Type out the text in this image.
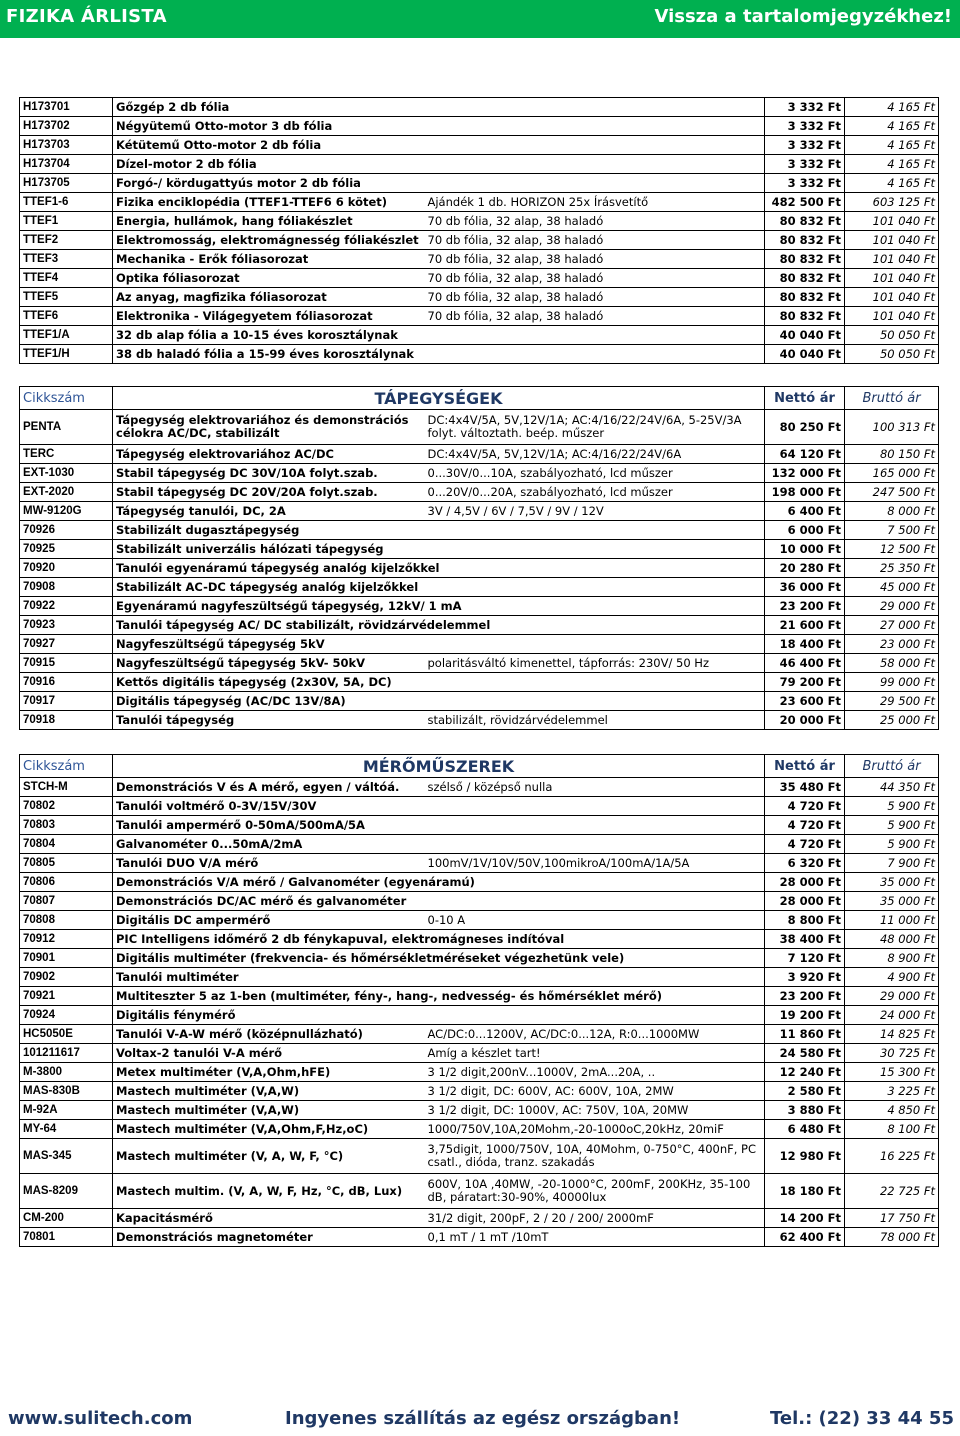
FIZIKA ÁRLISTA	Vissza a tartalomjegyzékhez!
H173701	Gőzgép 2 db fólia		3 332 Ft	4 165 Ft
H173702	Négyütemű Otto-motor 3 db fólia		3 332 Ft	4 165 Ft
H173703	Kétütemű Otto-motor 2 db fólia		3 332 Ft	4 165 Ft
H173704	Dízel-motor 2 db fólia		3 332 Ft	4 165 Ft
H173705	Forgó-/ kördugattyús motor 2 db fólia		3 332 Ft	4 165 Ft
TTEF1-6	Fizika enciklopédia (TTEF1-TTEF6 6 kötet)	Ajándék 1 db. HORIZON 25x Írásvetítő	482 500 Ft	603 125 Ft
TTEF1	Energia, hullámok, hang fóliakészlet	70 db fólia, 32 alap, 38 haladó	80 832 Ft	101 040 Ft
TTEF2	Elektromosság, elektromágnesség fóliakészlet	70 db fólia, 32 alap, 38 haladó	80 832 Ft	101 040 Ft
TTEF3	Mechanika - Erők fóliasorozat	70 db fólia, 32 alap, 38 haladó	80 832 Ft	101 040 Ft
TTEF4	Optika fóliasorozat	70 db fólia, 32 alap, 38 haladó	80 832 Ft	101 040 Ft
TTEF5	Az anyag, magfizika fóliasorozat	70 db fólia, 32 alap, 38 haladó	80 832 Ft	101 040 Ft
TTEF6	Elektronika - Világegyetem fóliasorozat	70 db fólia, 32 alap, 38 haladó	80 832 Ft	101 040 Ft
TTEF1/A	32 db alap fólia a 10-15 éves korosztálynak		40 040 Ft	50 050 Ft
TTEF1/H	38 db haladó fólia a 15-99 éves korosztálynak		40 040 Ft	50 050 Ft
Cikkszám	TÁPEGYSÉGEK		Nettó ár	Bruttó ár
PENTA	Tápegység elektrovariához és demonstrációs célokra AC/DC, stabilizált	DC:4x4V/5A, 5V,12V/1A; AC:4/16/22/24V/6A, 5-25V/3A folyt. változtath. beép. műszer	80 250 Ft	100 313 Ft
TERC	Tápegység elektrovariához AC/DC	DC:4x4V/5A, 5V,12V/1A; AC:4/16/22/24V/6A	64 120 Ft	80 150 Ft
EXT-1030	Stabil tápegység DC 30V/10A folyt.szab.	0...30V/0...10A, szabályozható, lcd műszer	132 000 Ft	165 000 Ft
EXT-2020	Stabil tápegység DC 20V/20A folyt.szab.	0...20V/0...20A, szabályozható, lcd műszer	198 000 Ft	247 500 Ft
MW-9120G	Tápegység tanulói, DC, 2A	3V / 4,5V / 6V / 7,5V / 9V / 12V	6 400 Ft	8 000 Ft
70926	Stabilizált dugasztápegység		6 000 Ft	7 500 Ft
70925	Stabilizált univerzális hálózati tápegység		10 000 Ft	12 500 Ft
70920	Tanulói egyenáramú tápegység analóg kijelzőkkel		20 280 Ft	25 350 Ft
70908	Stabilizált AC-DC tápegység analóg kijelzőkkel		36 000 Ft	45 000 Ft
70922	Egyenáramú nagyfeszültségű tápegység, 12kV/ 1 mA		23 200 Ft	29 000 Ft
70923	Tanulói tápegység AC/ DC stabilizált, rövidzárvédelemmel		21 600 Ft	27 000 Ft
70927	Nagyfeszültségű tápegység 5kV		18 400 Ft	23 000 Ft
70915	Nagyfeszültségű tápegység 5kV- 50kV	polaritásváltó kimenettel, tápforrás: 230V/ 50 Hz	46 400 Ft	58 000 Ft
70916	Kettős digitális tápegység (2x30V, 5A, DC)		79 200 Ft	99 000 Ft
70917	Digitális tápegység (AC/DC 13V/8A)		23 600 Ft	29 500 Ft
70918	Tanulói tápegység	stabilizált, rövidzárvédelemmel	20 000 Ft	25 000 Ft
Cikkszám	MÉRŐMŰSZEREK		Nettó ár	Bruttó ár
STCH-M	Demonstrációs V és A mérő, egyen / váltóá.	szélső / középső nulla	35 480 Ft	44 350 Ft
70802	Tanulói voltmérő 0-3V/15V/30V		4 720 Ft	5 900 Ft
70803	Tanulói ampermérő 0-50mA/500mA/5A		4 720 Ft	5 900 Ft
70804	Galvanométer 0...50mA/2mA		4 720 Ft	5 900 Ft
70805	Tanulói DUO V/A mérő	100mV/1V/10V/50V,100mikroA/100mA/1A/5A	6 320 Ft	7 900 Ft
70806	Demonstrációs V/A mérő / Galvanométer (egyenáramú)		28 000 Ft	35 000 Ft
70807	Demonstrációs DC/AC mérő és galvanométer		28 000 Ft	35 000 Ft
70808	Digitális DC ampermérő	0-10 A	8 800 Ft	11 000 Ft
70912	PIC Intelligens időmérő 2 db fénykapuval, elektromágneses indítóval		38 400 Ft	48 000 Ft
70901	Digitális multiméter (frekvencia- és hőmérsékletméréseket végezhetünk vele)		7 120 Ft	8 900 Ft
70902	Tanulói multiméter		3 920 Ft	4 900 Ft
70921	Multiteszter 5 az 1-ben (multiméter, fény-, hang-, nedvesség- és hőmérséklet mérő)		23 200 Ft	29 000 Ft
70924	Digitális fénymérő		19 200 Ft	24 000 Ft
HC5050E	Tanulói V-A-W mérő (középnullázható)	AC/DC:0...1200V, AC/DC:0...12A, R:0...1000MW	11 860 Ft	14 825 Ft
101211617	Voltax-2 tanulói V-A mérő	Amíg a készlet tart!	24 580 Ft	30 725 Ft
M-3800	Metex multiméter (V,A,Ohm,hFE)	3 1/2 digit,200nV...1000V, 2mA...20A, ..	12 240 Ft	15 300 Ft
MAS-830B	Mastech multiméter (V,A,W)	3 1/2 digit, DC: 600V, AC: 600V, 10A, 2MW	2 580 Ft	3 225 Ft
M-92A	Mastech multiméter (V,A,W)	3 1/2 digit, DC: 1000V, AC: 750V, 10A, 20MW	3 880 Ft	4 850 Ft
MY-64	Mastech multiméter (V,A,Ohm,F,Hz,oC)	1000/750V,10A,20Mohm,-20-1000oC,20kHz, 20miF	6 480 Ft	8 100 Ft
MAS-345	Mastech multiméter (V, A, W, F, °C)	3,75digit, 1000/750V, 10A, 40Mohm, 0-750°C, 400nF, PC csatl., dióda, tranz. szakadás	12 980 Ft	16 225 Ft
MAS-8209	Mastech multim. (V, A, W, F, Hz, °C, dB, Lux)	600V, 10A ,40MW, -20-1000°C, 200mF, 200KHz, 35-100 dB, páratart:30-90%, 40000lux	18 180 Ft	22 725 Ft
CM-200	Kapacitásmérő	31/2 digit, 200pF, 2 / 20 / 200/ 2000mF	14 200 Ft	17 750 Ft
70801	Demonstrációs magnetométer	0,1 mT / 1 mT /10mT	62 400 Ft	78 000 Ft
www.sulitech.com	Ingyenes szállítás az egész országban!	Tel.: (22) 33 44 55
